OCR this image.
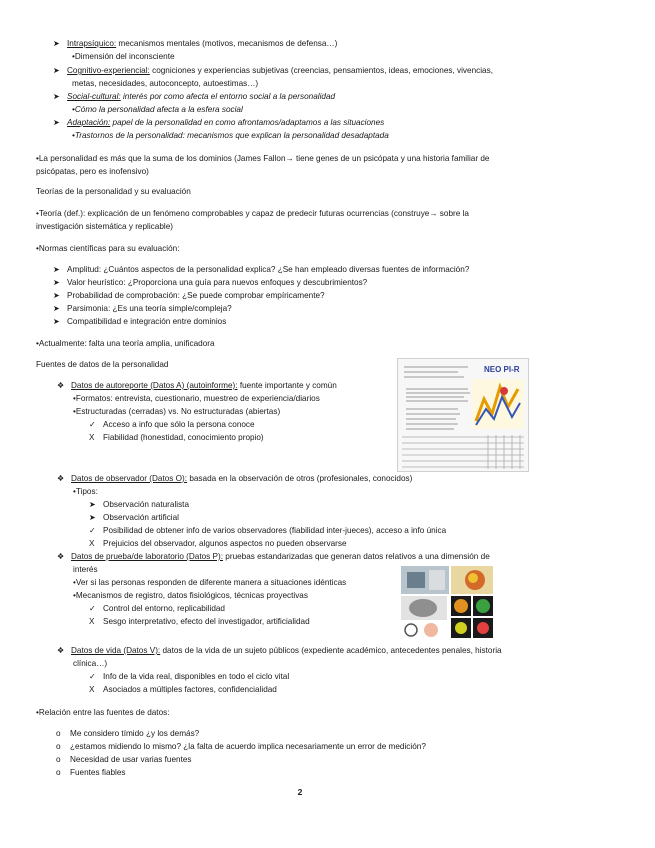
➤ Intrapsíquico: mecanismos mentales (motivos, mecanismos de defensa…)
•Dimensión del inconsciente
➤ Cognitivo-experiencial: cogniciones y experiencias subjetivas (creencias, pensamientos, ideas, emociones, vivencias,
metas, necesidades, autoconcepto, autoestimas…)
➤ Social-cultural: interés por como afecta el entorno social a la personalidad
•Cómo la personalidad afecta a la esfera social
➤ Adaptación: papel de la personalidad en como afrontamos/adaptamos a las situaciones
•Trastornos de la personalidad: mecanismos que explican la personalidad desadaptada
•La personalidad es más que la suma de los dominios (James Fallon→ tiene genes de un psicópata y una historia familiar de
psicópatas, pero es inofensivo)
Teorías de la personalidad y su evaluación
•Teoría (def.): explicación de un fenómeno comprobables y capaz de predecir futuras ocurrencias (construye→ sobre la
investigación sistemática y replicable)
•Normas científicas para su evaluación:
➤ Amplitud: ¿Cuántos aspectos de la personalidad explica? ¿Se han empleado diversas fuentes de información?
➤ Valor heurístico: ¿Proporciona una guía para nuevos enfoques y descubrimientos?
➤ Probabilidad de comprobación: ¿Se puede comprobar empíricamente?
➤ Parsimonia: ¿Es una teoría simple/compleja?
➤ Compatibilidad e integración entre dominios
•Actualmente: falta una teoría amplia, unificadora
Fuentes de datos de la personalidad
❖ Datos de autoreporte (Datos A) (autoinforme): fuente importante y común
•Formatos: entrevista, cuestionario, muestreo de experiencia/diarios
•Estructuradas (cerradas) vs. No estructuradas (abiertas)
✓ Acceso a info que sólo la persona conoce
X Fiabilidad (honestidad, conocimiento propio)
NEO PI-R
❖ Datos de observador (Datos O): basada en la observación de otros (profesionales, conocidos)
•Tipos:
➤ Observación naturalista
➤ Observación artificial
✓ Posibilidad de obtener info de varios observadores (fiabilidad inter-jueces), acceso a info única
X Prejuicios del observador, algunos aspectos no pueden observarse
❖ Datos de prueba/de laboratorio (Datos P): pruebas estandarizadas que generan datos relativos a una dimensión de
interés
•Ver si las personas responden de diferente manera a situaciones idénticas
•Mecanismos de registro, datos fisiológicos, técnicas proyectivas
✓ Control del entorno, replicabilidad
X Sesgo interpretativo, efecto del investigador, artificialidad
❖ Datos de vida (Datos V): datos de la vida de un sujeto públicos (expediente académico, antecedentes penales, historia
clínica…)
✓ Info de la vida real, disponibles en todo el ciclo vital
X Asociados a múltiples factores, confidencialidad
•Relación entre las fuentes de datos:
o Me considero tímido ¿y los demás?
o ¿estamos midiendo lo mismo? ¿la falta de acuerdo implica necesariamente un error de medición?
o Necesidad de usar varias fuentes
o Fuentes fiables
2
